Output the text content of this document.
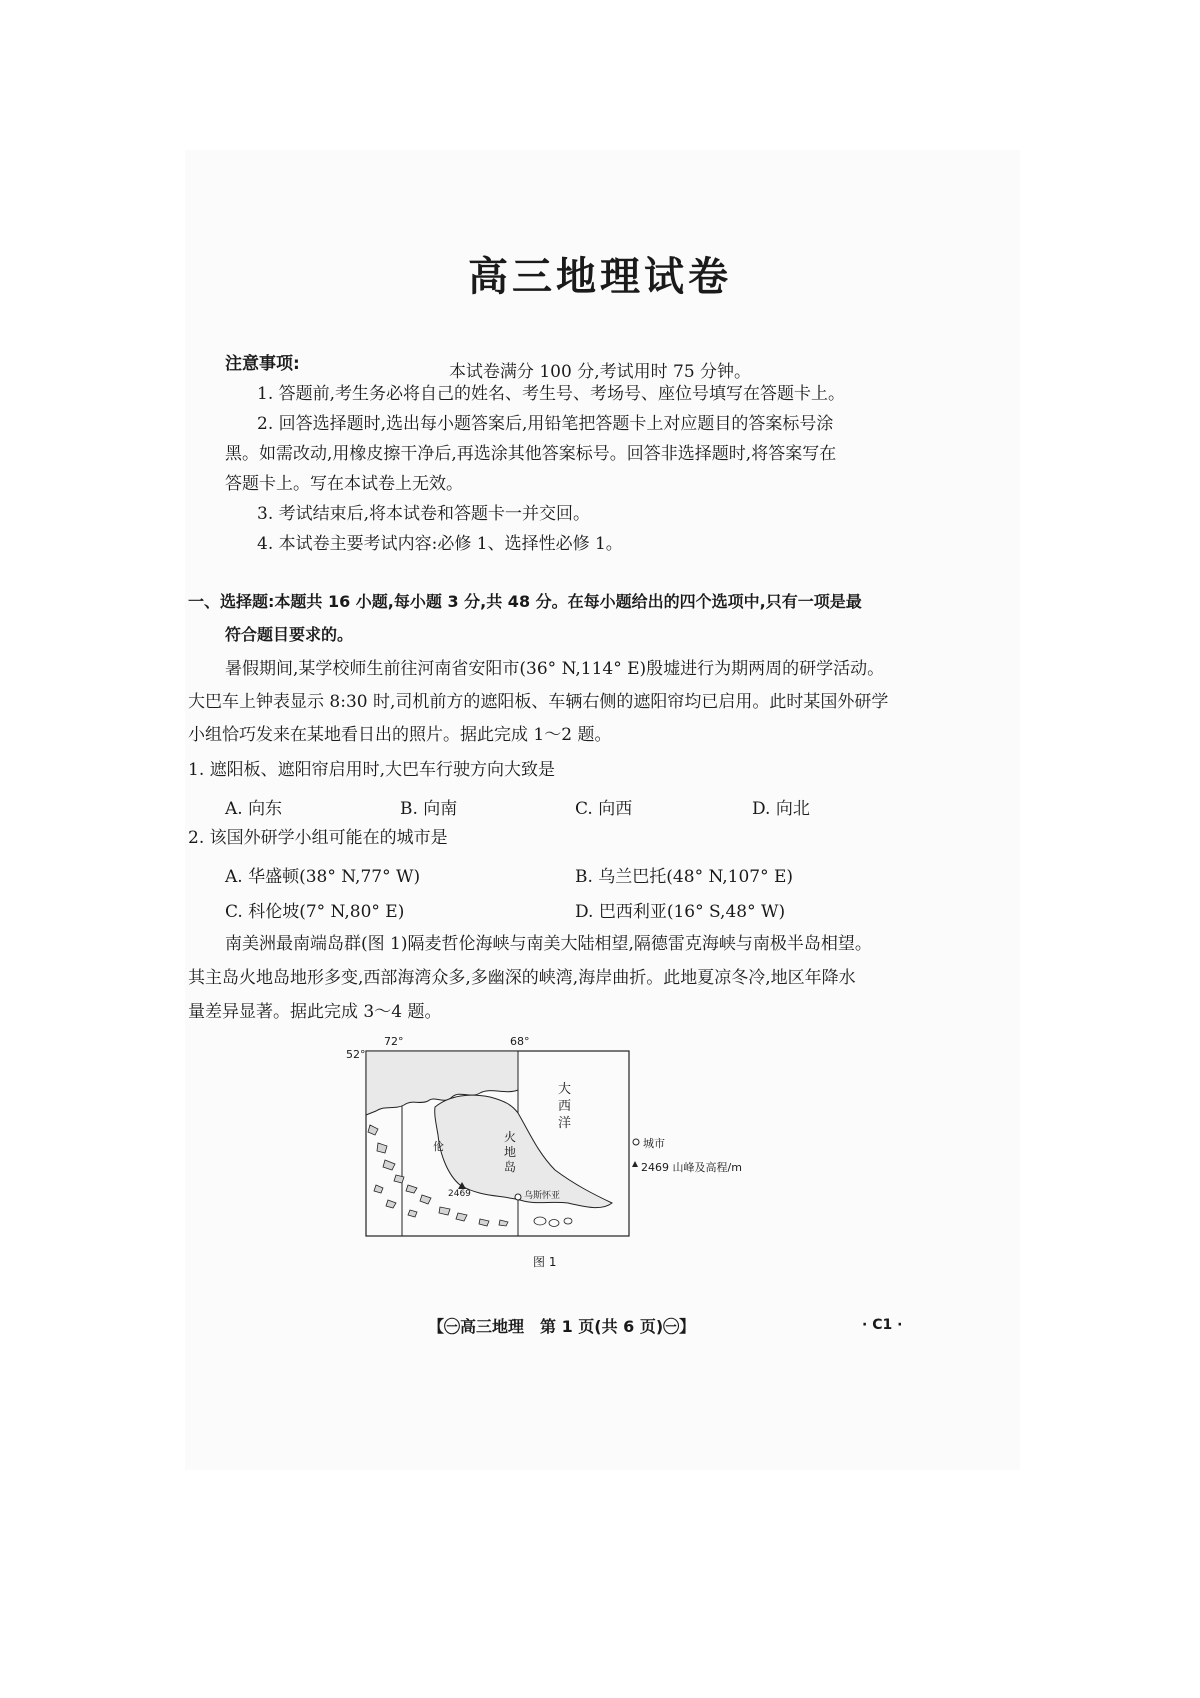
高三地理试卷
本试卷满分 100 分,考试用时 75 分钟。
注意事项:
1. 答题前,考生务必将自己的姓名、考生号、考场号、座位号填写在答题卡上。
2. 回答选择题时,选出每小题答案后,用铅笔把答题卡上对应题目的答案标号涂
黑。如需改动,用橡皮擦干净后,再选涂其他答案标号。回答非选择题时,将答案写在
答题卡上。写在本试卷上无效。
3. 考试结束后,将本试卷和答题卡一并交回。
4. 本试卷主要考试内容:必修 1、选择性必修 1。
一、选择题:本题共 16 小题,每小题 3 分,共 48 分。在每小题给出的四个选项中,只有一项是最
符合题目要求的。
暑假期间,某学校师生前往河南省安阳市(36° N,114° E)殷墟进行为期两周的研学活动。
大巴车上钟表显示 8:30 时,司机前方的遮阳板、车辆右侧的遮阳帘均已启用。此时某国外研学
小组恰巧发来在某地看日出的照片。据此完成 1～2 题。
1. 遮阳板、遮阳帘启用时,大巴车行驶方向大致是
A. 向东	B. 向南	C. 向西	D. 向北
2. 该国外研学小组可能在的城市是
A. 华盛顿(38° N,77° W)	B. 乌兰巴托(48° N,107° E)
C. 科伦坡(7° N,80° E)	D. 巴西利亚(16° S,48° W)
南美洲最南端岛群(图 1)隔麦哲伦海峡与南美大陆相望,隔德雷克海峡与南极半岛相望。
其主岛火地岛地形多变,西部海湾众多,多幽深的峡湾,海岸曲折。此地夏凉冬冷,地区年降水
量差异显著。据此完成 3～4 题。
72°	68°
52°
大西洋
火地岛
伦
乌斯怀亚
2469
城市
2469 山峰及高程/m
图 1
【㊀高三地理　第 1 页(共 6 页)㊀】	· C1 ·
